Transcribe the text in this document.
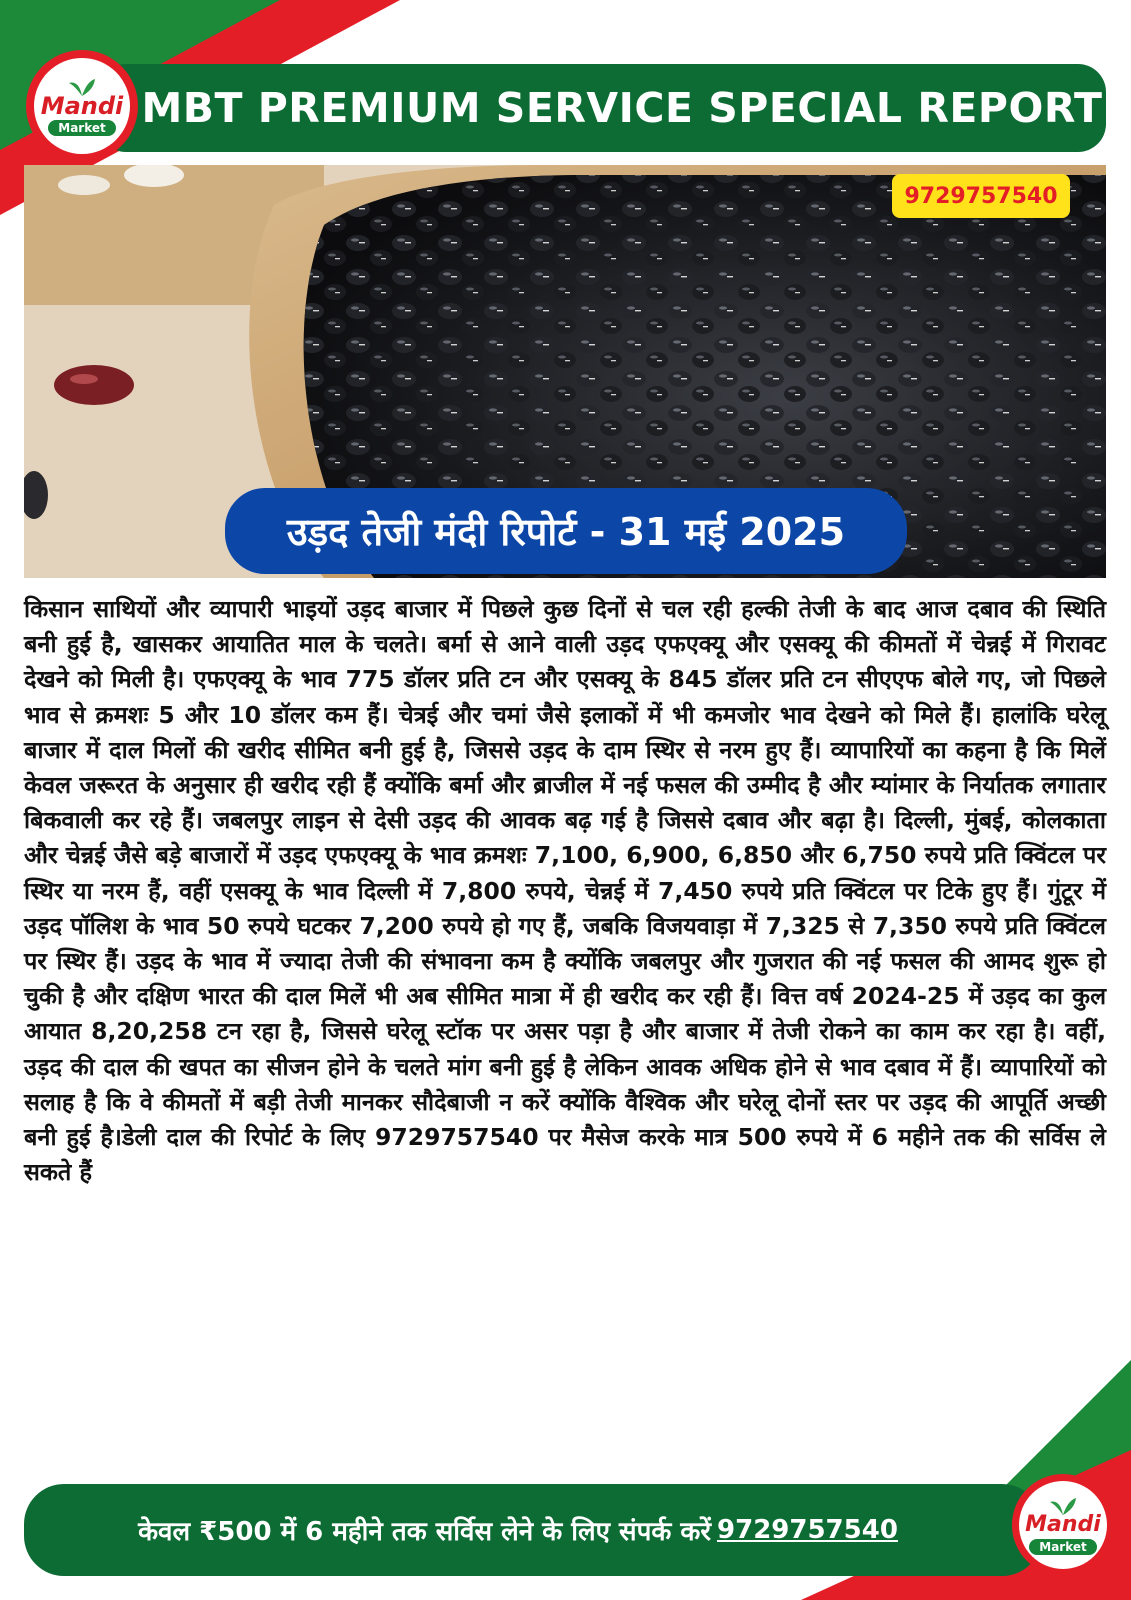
MBT PREMIUM SERVICE SPECIAL REPORT
Mandi
Market
9729757540
उड़द तेजी मंदी रिपोर्ट - 31 मई 2025

किसान साथियों और व्यापारी भाइयों उड़द बाजार में पिछले कुछ दिनों से चल रही हल्की तेजी के बाद आज दबाव की स्थिति बनी हुई है, खासकर आयातित माल के चलते। बर्मा से आने वाली उड़द एफएक्यू और एसक्यू की कीमतों में चेन्नई में गिरावट देखने को मिली है। एफएक्यू के भाव 775 डॉलर प्रति टन और एसक्यू के 845 डॉलर प्रति टन सीएएफ बोले गए, जो पिछले भाव से क्रमशः 5 और 10 डॉलर कम हैं। चेत्रई और चमां जैसे इलाकों में भी कमजोर भाव देखने को मिले हैं। हालांकि घरेलू बाजार में दाल मिलों की खरीद सीमित बनी हुई है, जिससे उड़द के दाम स्थिर से नरम हुए हैं। व्यापारियों का कहना है कि मिलें केवल जरूरत के अनुसार ही खरीद रही हैं क्योंकि बर्मा और ब्राजील में नई फसल की उम्मीद है और म्यांमार के निर्यातक लगातार बिकवाली कर रहे हैं। जबलपुर लाइन से देसी उड़द की आवक बढ़ गई है जिससे दबाव और बढ़ा है। दिल्ली, मुंबई, कोलकाता और चेन्नई जैसे बड़े बाजारों में उड़द एफएक्यू के भाव क्रमशः 7,100, 6,900, 6,850 और 6,750 रुपये प्रति क्विंटल पर स्थिर या नरम हैं, वहीं एसक्यू के भाव दिल्ली में 7,800 रुपये, चेन्नई में 7,450 रुपये प्रति क्विंटल पर टिके हुए हैं। गुंटूर में उड़द पॉलिश के भाव 50 रुपये घटकर 7,200 रुपये हो गए हैं, जबकि विजयवाड़ा में 7,325 से 7,350 रुपये प्रति क्विंटल पर स्थिर हैं। उड़द के भाव में ज्यादा तेजी की संभावना कम है क्योंकि जबलपुर और गुजरात की नई फसल की आमद शुरू हो चुकी है और दक्षिण भारत की दाल मिलें भी अब सीमित मात्रा में ही खरीद कर रही हैं। वित्त वर्ष 2024-25 में उड़द का कुल आयात 8,20,258 टन रहा है, जिससे घरेलू स्टॉक पर असर पड़ा है और बाजार में तेजी रोकने का काम कर रहा है। वहीं, उड़द की दाल की खपत का सीजन होने के चलते मांग बनी हुई है लेकिन आवक अधिक होने से भाव दबाव में हैं। व्यापारियों को सलाह है कि वे कीमतों में बड़ी तेजी मानकर सौदेबाजी न करें क्योंकि वैश्विक और घरेलू दोनों स्तर पर उड़द की आपूर्ति अच्छी बनी हुई है।डेली दाल की रिपोर्ट के लिए 9729757540 पर मैसेज करके मात्र 500 रुपये में 6 महीने तक की सर्विस ले सकते हैं

केवल ₹500 में 6 महीने तक सर्विस लेने के लिए संपर्क करें 9729757540	Mandi
Market
